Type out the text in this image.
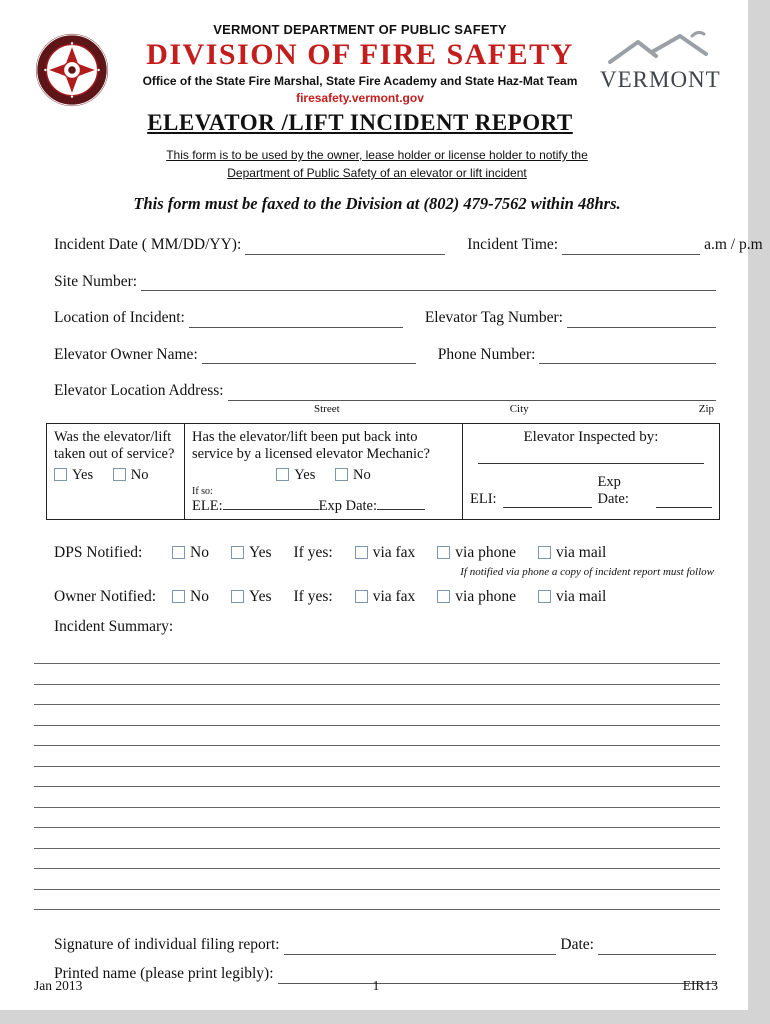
VERMONT DEPARTMENT OF PUBLIC SAFETY
DIVISION OF FIRE SAFETY
Office of the State Fire Marshal, State Fire Academy and State Haz-Mat Team
firesafety.vermont.gov
ELEVATOR /LIFT INCIDENT REPORT
VERMONT
This form is to be used by the owner, lease holder or license holder to notify the
Department of Public Safety of an elevator or lift incident
This form must be faxed to the Division at (802) 479-7562 within 48hrs.
Incident Date ( MM/DD/YY):	Incident Time:	a.m / p.m
Site Number:
Location of Incident:	Elevator Tag Number:
Elevator Owner Name:	Phone Number:
Elevator Location Address:
Street	City	Zip
Was the elevator/lift taken out of service?
Yes	No
Has the elevator/lift been put back into service by a licensed elevator Mechanic?
Yes	No
If so:
ELE:	Exp Date:
Elevator Inspected by:
ELI:
Exp Date:
DPS Notified:	No	Yes If yes:	via fax	via phone	via mail
If notified via phone a copy of incident report must follow
Owner Notified:	No	Yes If yes:	via fax	via phone	via mail
Incident Summary:
Signature of individual filing report:	Date:
Printed name (please print legibly):
Jan 2013	1	EIR13
